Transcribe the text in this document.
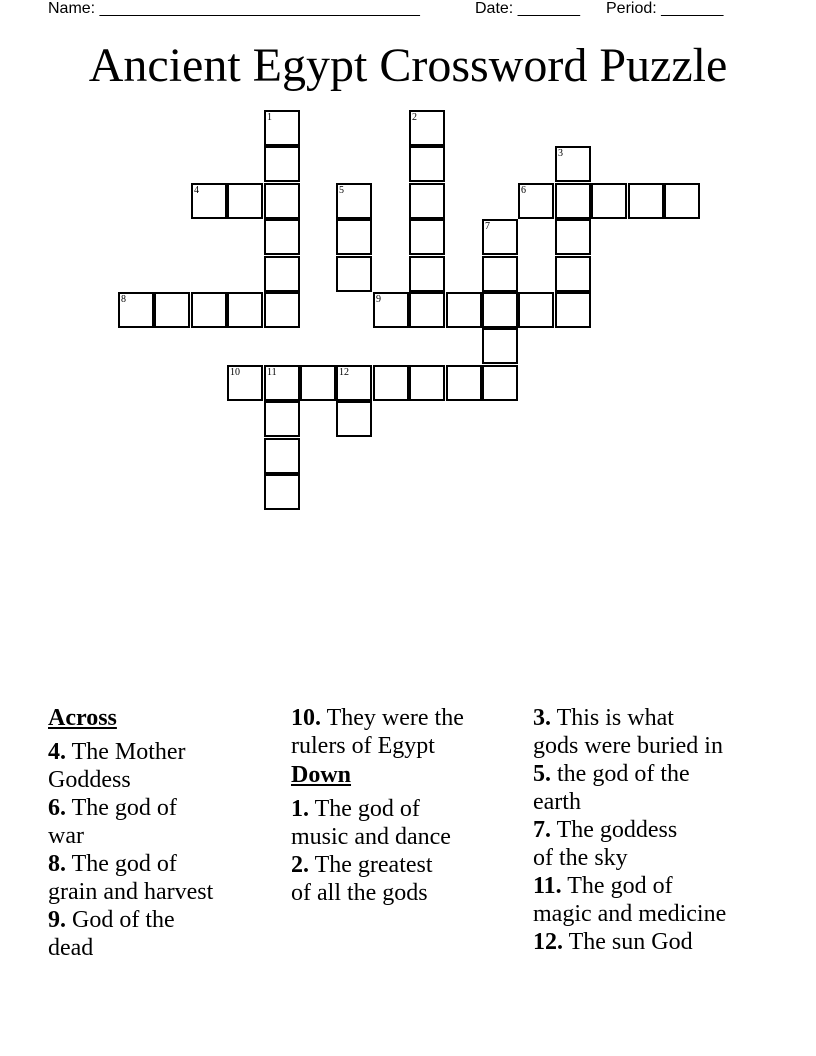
Name: ____________________________________	Date: _______ Period: _______
Ancient Egypt Crossword Puzzle
1	2
3
4	5	6
7
8	9
10	12
11
Across
4. The Mother
Goddess
6. The god of
war
8. The god of
grain and harvest
9. God of the
dead
10. They were the
rulers of Egypt
Down
1. The god of
music and dance
2. The greatest
of all the gods
3. This is what
gods were buried in
5. the god of the
earth
7. The goddess
of the sky
11. The god of
magic and medicine
12. The sun God
